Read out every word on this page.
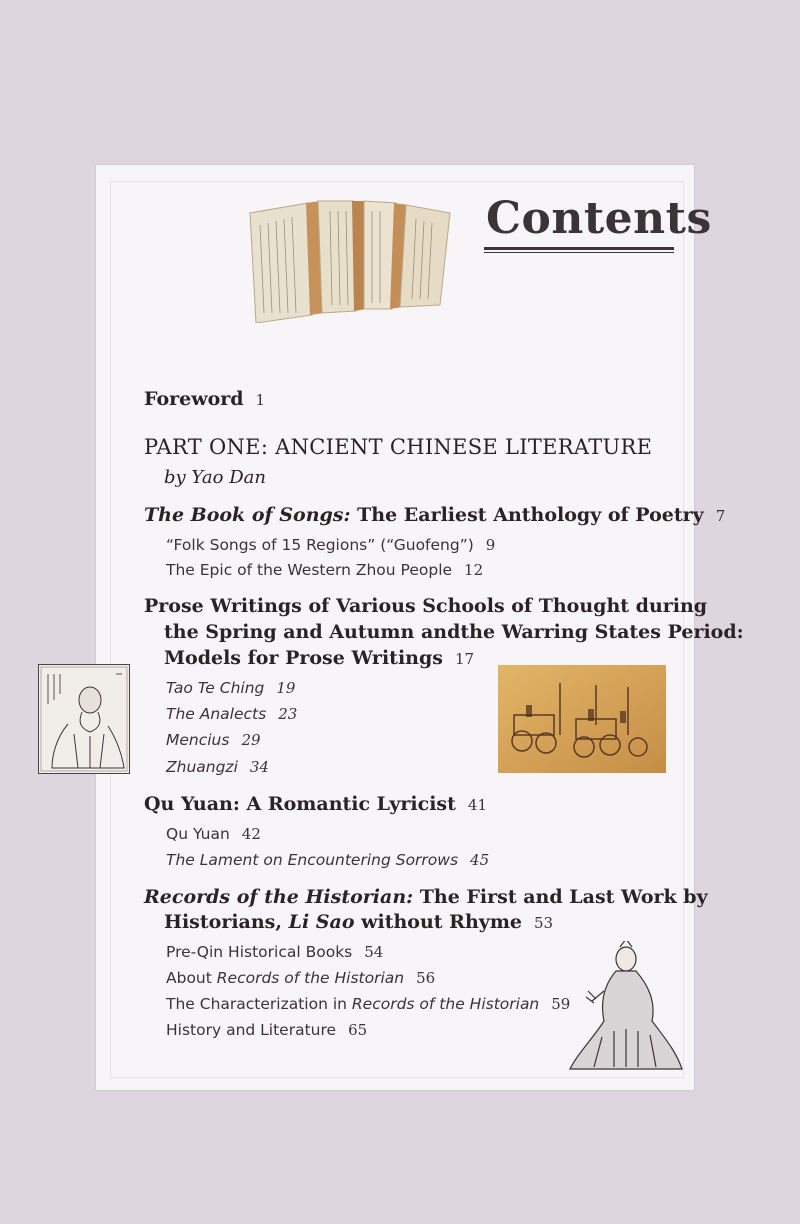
Contents
Foreword 1
PART ONE: ANCIENT CHINESE LITERATURE
by Yao Dan
The Book of Songs: The Earliest Anthology of Poetry 7
“Folk Songs of 15 Regions” (“Guofeng”) 9
The Epic of the Western Zhou People 12
Prose Writings of Various Schools of Thought during
the Spring and Autumn andthe Warring States Period:
Models for Prose Writings 17
Tao Te Ching 19
The Analects 23
Mencius 29
Zhuangzi 34
Qu Yuan: A Romantic Lyricist 41
Qu Yuan 42
The Lament on Encountering Sorrows 45
Records of the Historian: The First and Last Work by
Historians, Li Sao without Rhyme 53
Pre-Qin Historical Books 54
About Records of the Historian 56
The Characterization in Records of the Historian 59
History and Literature 65
